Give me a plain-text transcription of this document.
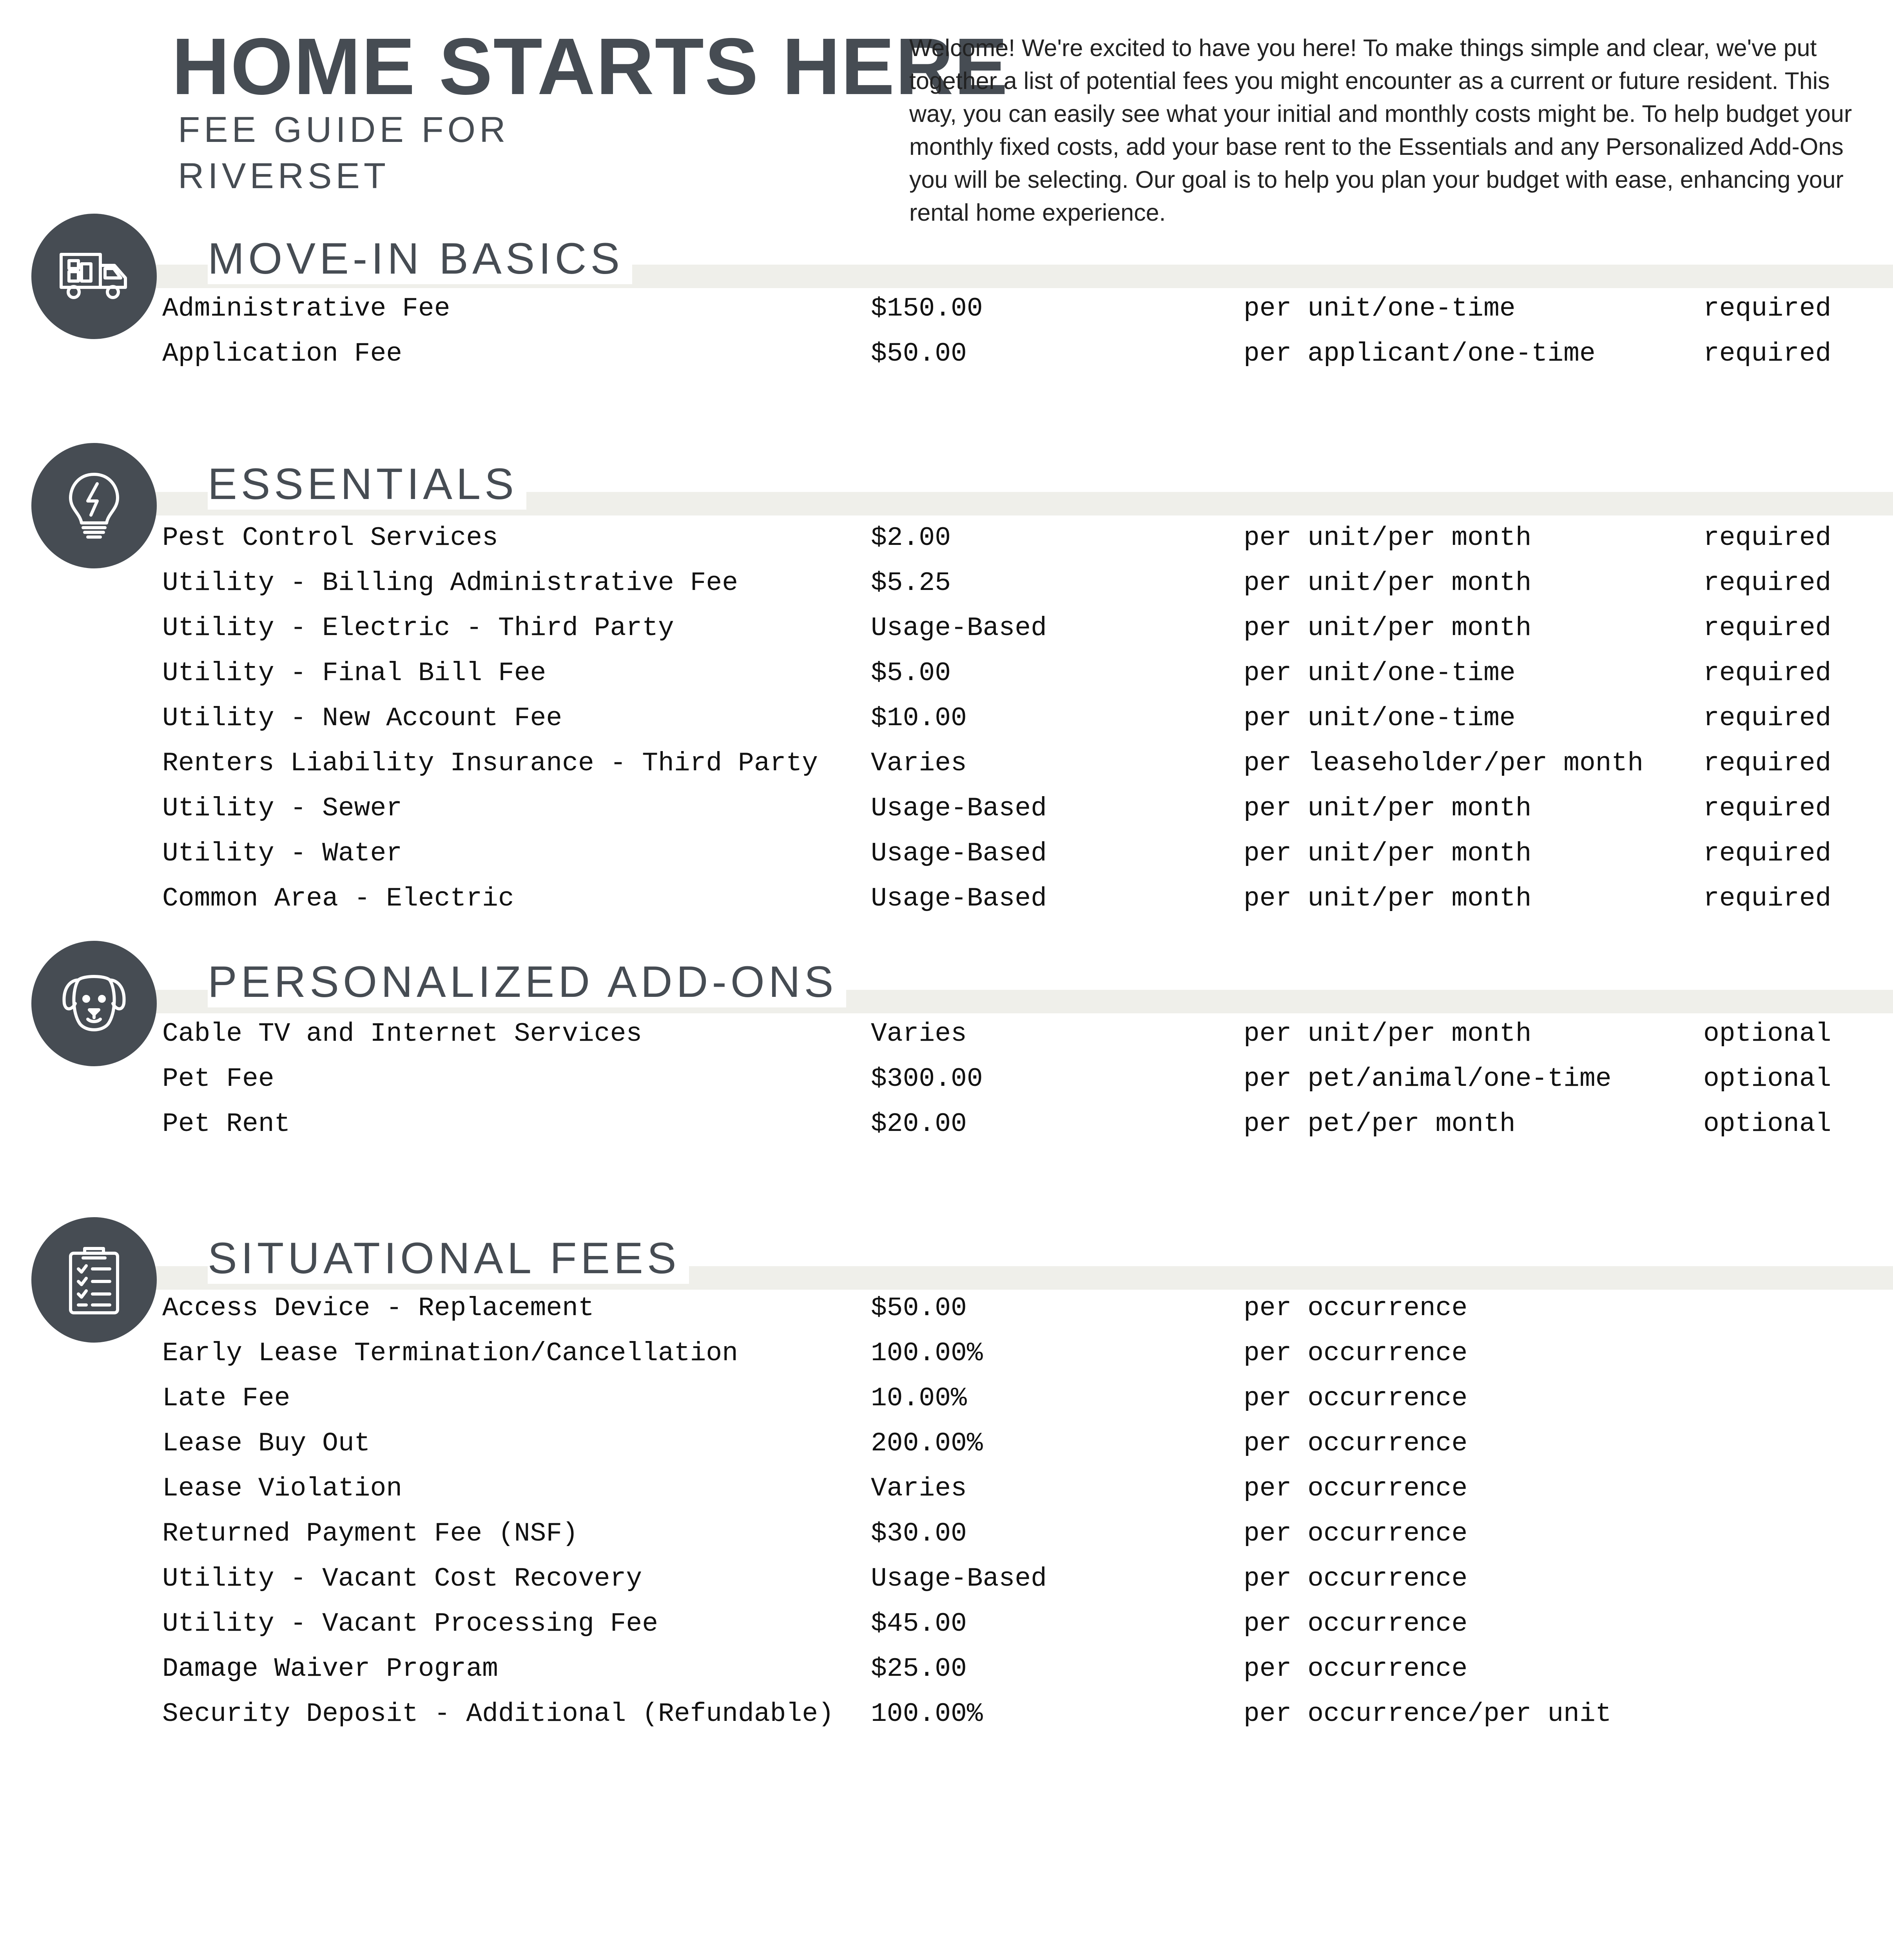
HOME STARTS HERE
FEE GUIDE FOR
RIVERSET

Welcome! We're excited to have you here! To make things simple and clear, we've put together a list of potential fees you might encounter as a current or future resident. This way, you can easily see what your initial and monthly costs might be. To help budget your monthly fixed costs, add your base rent to the Essentials and any Personalized Add-Ons you will be selecting. Our goal is to help you plan your budget with ease, enhancing your rental home experience.

MOVE-IN BASICS
Administrative Fee	$150.00	per unit/one-time	required
Application Fee	$50.00	per applicant/one-time	required
ESSENTIALS
Pest Control Services	$2.00	per unit/per month	required
Utility - Billing Administrative Fee	$5.25	per unit/per month	required
Utility - Electric - Third Party	Usage-Based	per unit/per month	required
Utility - Final Bill Fee	$5.00	per unit/one-time	required
Utility - New Account Fee	$10.00	per unit/one-time	required
Renters Liability Insurance - Third Party Varies	per leaseholder/per month required
Utility - Sewer	Usage-Based	per unit/per month	required
Utility - Water	Usage-Based	per unit/per month	required
Common Area - Electric	Usage-Based	per unit/per month	required
PERSONALIZED ADD-ONS
Cable TV and Internet Services	Varies	per unit/per month	optional
Pet Fee	$300.00	per pet/animal/one-time	optional
Pet Rent	$20.00	per pet/per month	optional
SITUATIONAL FEES
Access Device - Replacement	$50.00	per occurrence
Early Lease Termination/Cancellation	100.00%	per occurrence
Late Fee	10.00%	per occurrence
Lease Buy Out	200.00%	per occurrence
Lease Violation	Varies	per occurrence
Returned Payment Fee (NSF)	$30.00	per occurrence
Utility - Vacant Cost Recovery	Usage-Based	per occurrence
Utility - Vacant Processing Fee	$45.00	per occurrence
Damage Waiver Program	$25.00	per occurrence
Security Deposit - Additional (Refundable) 100.00%	per occurrence/per unit
